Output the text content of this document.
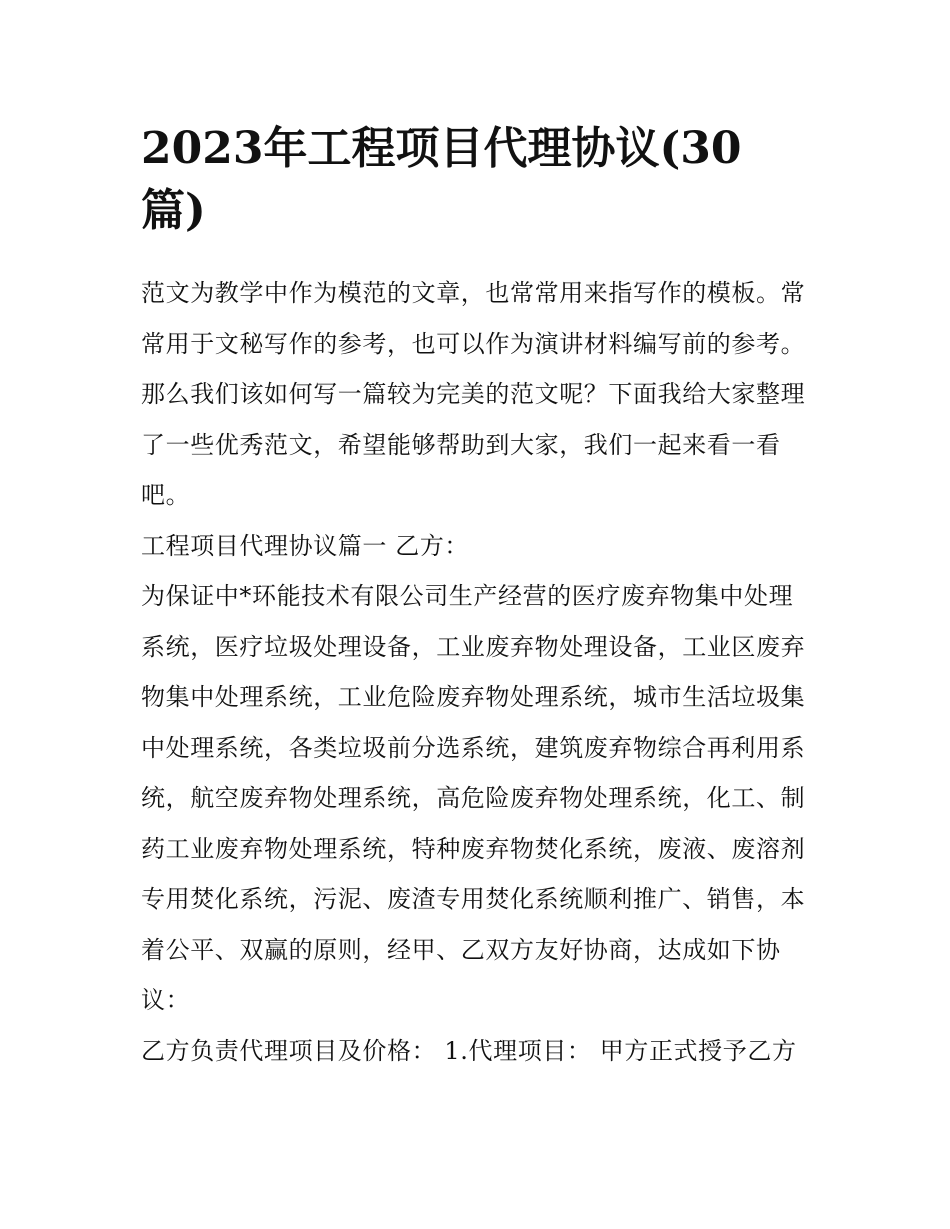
2023年工程项目代理协议(30篇)

范文为教学中作为模范的文章，也常常用来指写作的模板。常常用于文秘写作的参考，也可以作为演讲材料编写前的参考。那么我们该如何写一篇较为完美的范文呢？下面我给大家整理了一些优秀范文，希望能够帮助到大家，我们一起来看一看吧。

工程项目代理协议篇一 乙方：

为保证中*环能技术有限公司生产经营的医疗废弃物集中处理系统，医疗垃圾处理设备，工业废弃物处理设备，工业区废弃物集中处理系统，工业危险废弃物处理系统，城市生活垃圾集中处理系统，各类垃圾前分选系统，建筑废弃物综合再利用系统，航空废弃物处理系统，高危险废弃物处理系统，化工、制药工业废弃物处理系统，特种废弃物焚化系统，废液、废溶剂专用焚化系统，污泥、废渣专用焚化系统顺利推广、销售，本着公平、双赢的原则，经甲、乙双方友好协商，达成如下协议：

乙方负责代理项目及价格： 1.代理项目： 甲方正式授予乙方
